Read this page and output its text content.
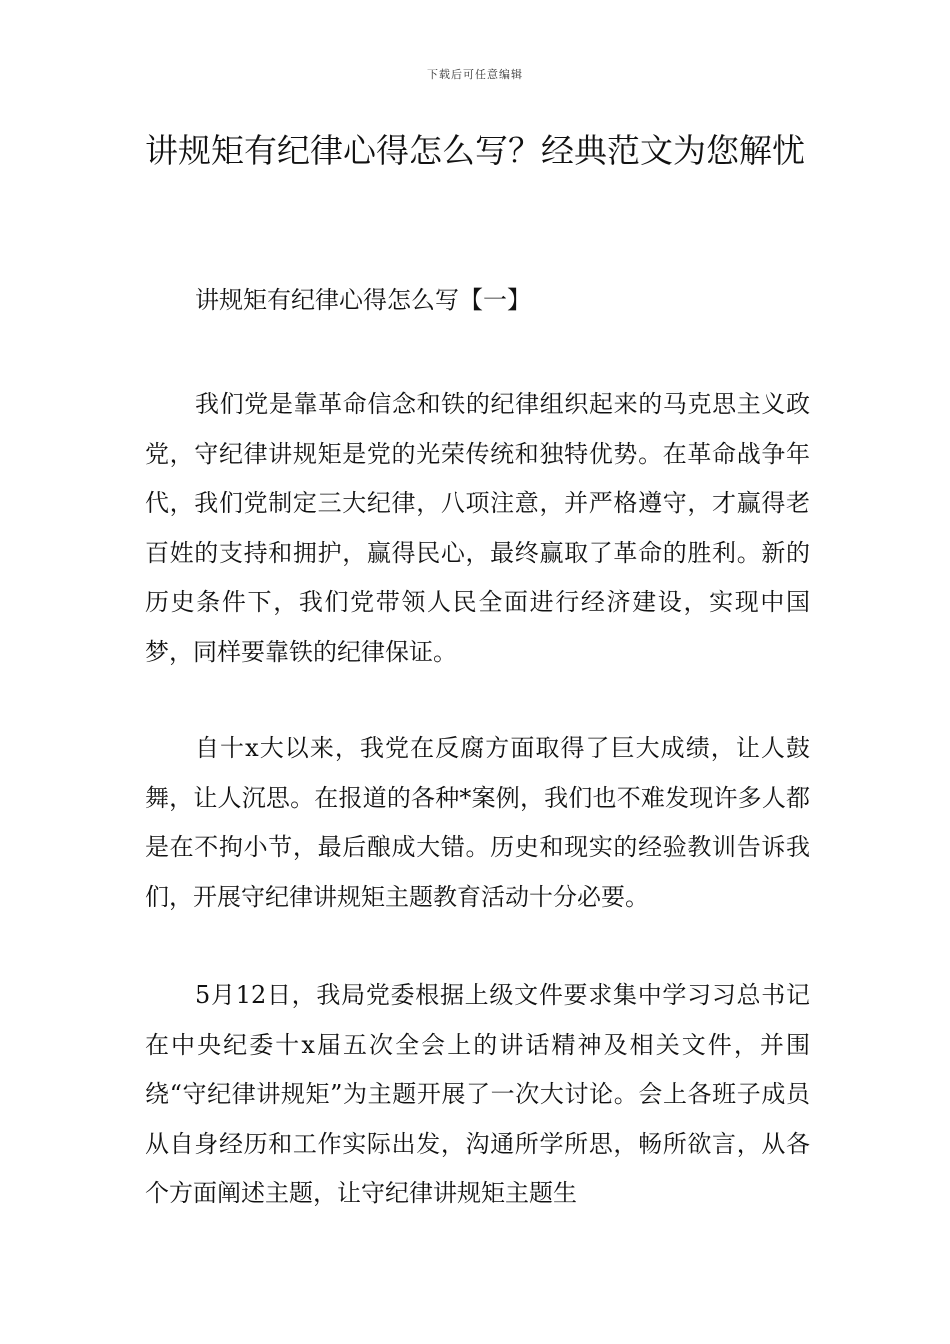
下载后可任意编辑
讲规矩有纪律心得怎么写？经典范文为您解忧

讲规矩有纪律心得怎么写【一】

我们党是靠革命信念和铁的纪律组织起来的马克思主义政党，守纪律讲规矩是党的光荣传统和独特优势。在革命战争年代，我们党制定三大纪律，八项注意，并严格遵守，才赢得老百姓的支持和拥护，赢得民心，最终赢取了革命的胜利。新的历史条件下，我们党带领人民全面进行经济建设，实现中国梦，同样要靠铁的纪律保证。

自十x大以来，我党在反腐方面取得了巨大成绩，让人鼓舞，让人沉思。在报道的各种*案例，我们也不难发现许多人都是在不拘小节，最后酿成大错。历史和现实的经验教训告诉我们，开展守纪律讲规矩主题教育活动十分必要。

5月12日，我局党委根据上级文件要求集中学习习总书记在中央纪委十x届五次全会上的讲话精神及相关文件，并围绕“守纪律讲规矩”为主题开展了一次大讨论。会上各班子成员从自身经历和工作实际出发，沟通所学所思，畅所欲言，从各个方面阐述主题，让守纪律讲规矩主题生
